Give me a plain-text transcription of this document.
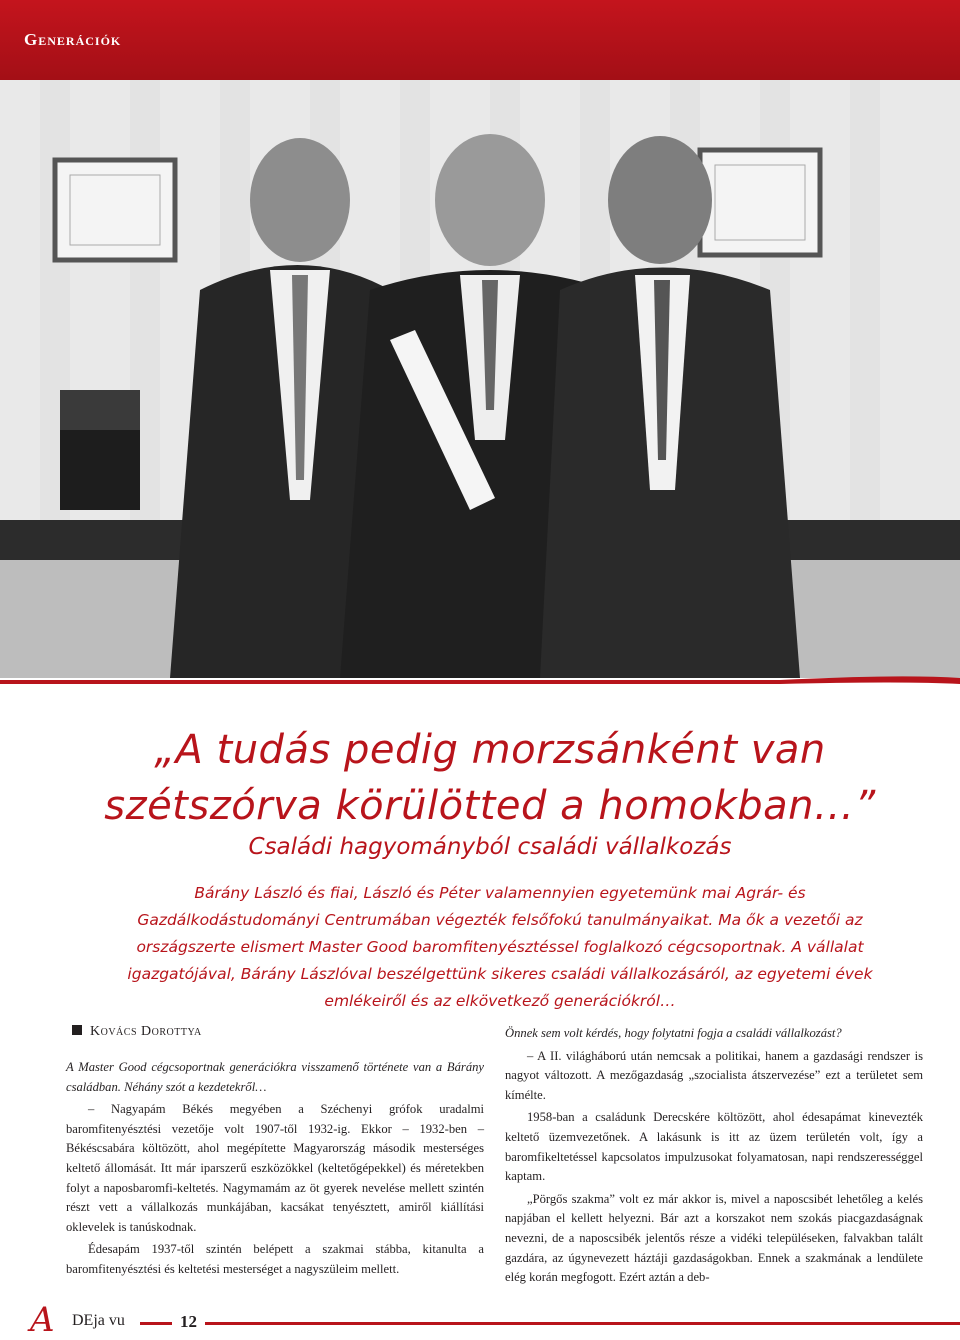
Generációk
„A tudás pedig morzsánként van szétszórva körülötted a homokban…”
Családi hagyományból családi vállalkozás
Bárány László és fiai, László és Péter valamennyien egyetemünk mai Agrár- és Gazdálkodástudományi Centrumában végezték felsőfokú tanulmányaikat. Ma ők a vezetői az országszerte elismert Master Good baromfitenyésztéssel foglalkozó cégcsoportnak. A vállalat igazgatójával, Bárány Lászlóval beszélgettünk sikeres családi vállalkozásáról, az egyetemi évek emlékeiről és az elkövetkező generációkról…
Kovács Dorottya

A Master Good cégcsoportnak generációkra visszamenő története van a Bárány családban. Néhány szót a kezdetekről…

– Nagyapám Békés megyében a Széchenyi grófok uradalmi baromfitenyésztési vezetője volt 1907-től 1932-ig. Ekkor – 1932-ben – Békéscsabára költözött, ahol megépítette Magyarország második mesterséges keltető állomását. Itt már iparszerű eszközökkel (keltetőgépekkel) és méretekben folyt a naposbaromfi-keltetés. Nagymamám az öt gyerek nevelése mellett szintén részt vett a vállalkozás munkájában, kacsákat tenyésztett, amiről kiállítási oklevelek is tanúskodnak.

Édesapám 1937-től szintén belépett a szakmai stábba, kitanulta a baromfitenyésztési és keltetési mesterséget a nagyszüleim mellett.

Önnek sem volt kérdés, hogy folytatni fogja a családi vállalkozást?

– A II. világháború után nemcsak a politikai, hanem a gazdasági rendszer is nagyot változott. A mezőgazdaság „szocialista átszervezése” ezt a területet sem kímélte.

1958-ban a családunk Derecskére költözött, ahol édesapámat kinevezték keltető üzemvezetőnek. A lakásunk is itt az üzem területén volt, így a baromfikeltetéssel kapcsolatos impulzusokat folyamatosan, napi rendszerességgel kaptam.

„Pörgős szakma” volt ez már akkor is, mivel a naposcsibét lehetőleg a kelés napjában el kellett helyezni. Bár azt a korszakot nem szokás piacgazdaságnak nevezni, de a naposcsibék jelentős része a vidéki településeken, falvakban talált gazdára, az úgynevezett háztáji gazdaságokban. Ennek a szakmának a lendülete elég korán megfogott. Ezért aztán a deb-

A DEja vu	12
